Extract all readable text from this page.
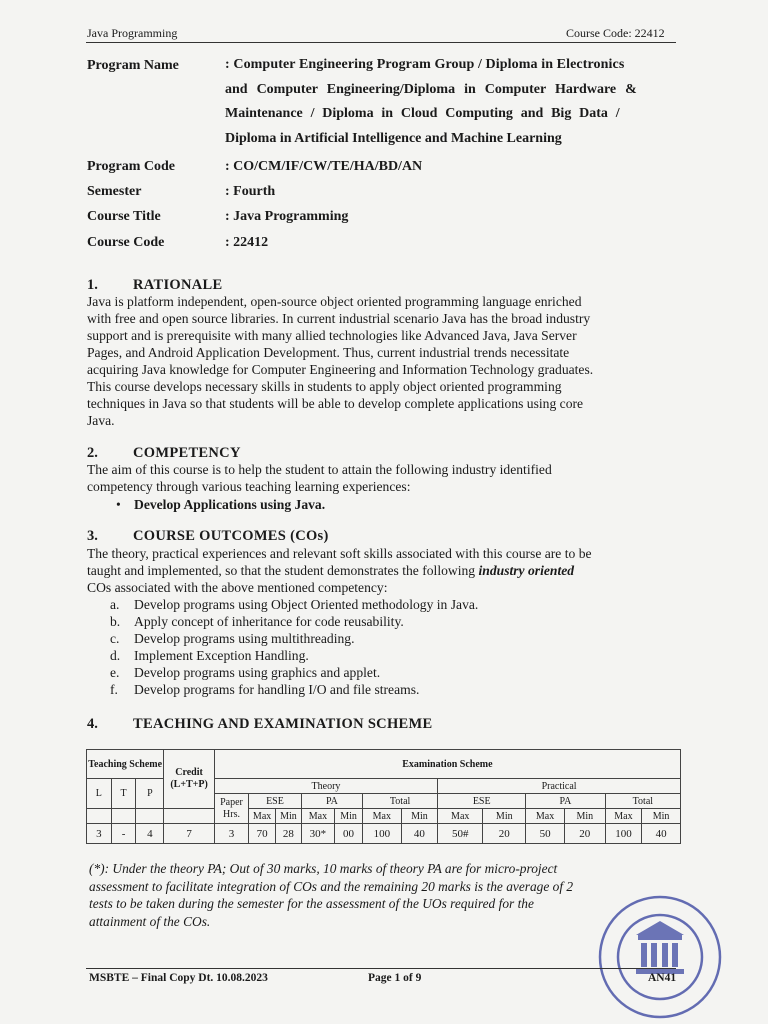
Java Programming	Course Code: 22412
Program Name	: Computer Engineering Program Group / Diploma in Electronics
and Computer Engineering/Diploma in Computer Hardware &
Maintenance / Diploma in Cloud Computing and Big Data /
Diploma in Artificial Intelligence and Machine Learning
Program Code	: CO/CM/IF/CW/TE/HA/BD/AN
Semester	: Fourth
Course Title	: Java Programming
Course Code	: 22412
1. RATIONALE
Java is platform independent, open-source object oriented programming language enriched
with free and open source libraries. In current industrial scenario Java has the broad industry
support and is prerequisite with many allied technologies like Advanced Java, Java Server
Pages, and Android Application Development. Thus, current industrial trends necessitate
acquiring Java knowledge for Computer Engineering and Information Technology graduates.
This course develops necessary skills in students to apply object oriented programming
techniques in Java so that students will be able to develop complete applications using core
Java.
2. COMPETENCY
The aim of this course is to help the student to attain the following industry identified
competency through various teaching learning experiences:
• Develop Applications using Java.
3. COURSE OUTCOMES (COs)
The theory, practical experiences and relevant soft skills associated with this course are to be
taught and implemented, so that the student demonstrates the following industry oriented
COs associated with the above mentioned competency:
a. Develop programs using Object Oriented methodology in Java.
b. Apply concept of inheritance for code reusability.
c. Develop programs using multithreading.
d. Implement Exception Handling.
e. Develop programs using graphics and applet.
f. Develop programs for handling I/O and file streams.
4. TEACHING AND EXAMINATION SCHEME
Teaching Scheme			Credit (L+T+P)	Examination Scheme												

L	T	P		Theory							Practical					
				Paper Hrs.	ESE		PA		Total		ESE		PA		Total	
					Max	Min	Max	Min	Max	Min	Max	Min	Max	Min	Max	Min
3	-	4	7	3	70	28	30*	00	100	40	50#	20	50	20	100	40
(*): Under the theory PA; Out of 30 marks, 10 marks of theory PA are for micro-project
assessment to facilitate integration of COs and the remaining 20 marks is the average of 2
tests to be taken during the semester for the assessment of the UOs required for the
attainment of the COs.
MSBTE – Final Copy Dt. 10.08.2023	Page 1 of 9	AN41
